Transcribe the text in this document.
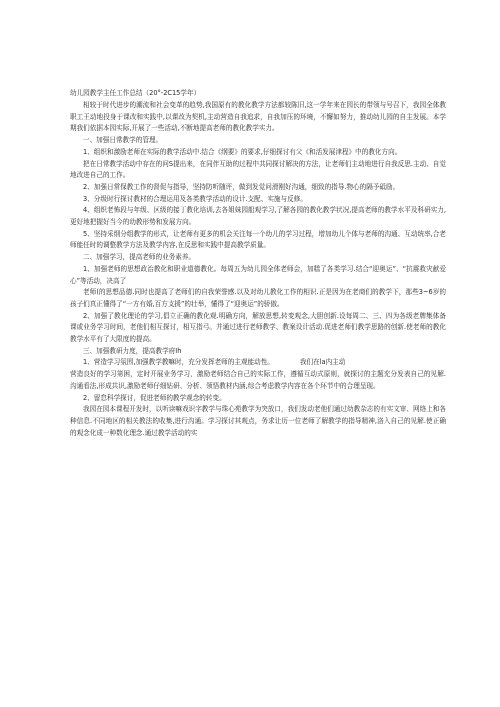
幼儿园教学主任工作总结（20°-2C15学年）

相较于时代进步的潮流和社会变革的趋势,我国原有的教化教学方法都较陈旧,这一学年来在园长的带领与号召下，我园全体教职工王动地投身于课改和实践中,以课改为契机,主动营造自我追求，自我加压的环境，不懈如努力，推动幼儿园的自主发展。本学期我们依据本园实际,开展了一些活动,不断地提高老师的教化教学实力。

一、加强日常教学的管理。

1、组织和激励老师在实际的教学活动中.结合《纲要》的要求,仔细探讨有父《和活发展津程》中的教化方向。

把在日常教学活动中存在的问S提出来，在同伴互助的过程中共同探讨解决的方法，让老师们主动地进行自我反思.主动、自觉地改进自己的工作。

2、加强日常保教工作的督促与指导，坚持防听随评，做到发觉问滑刚好沟通，细致的指导.物心的隔予砥励。

3、分级时行探讨教材的合理运用及各类教学活动的设计.支配、实施与反修。

4、组织老怖段与年级、区级的接丁教化培训,去各姐妹园船观学习,了解各园的教化教学状况,提高老师的教学水平及科研实力,更好地把握好当今的幼教形势和发展方向。

5、坚持采纲分组教学的形式，让老师有更多的机会关注每一个幼儿的学习过程，增加幼儿个体与老师的沟通、互动统率,合老师能任时的调整教学方法及教学内容,在反思和实践中提高教学质量。

二、加强学习，提高老师的业务素养。

1、加强老师的思想政治教化和职业道德教化。每周五为幼儿园全体老师会，加糕了各类学习.结合“迎奥运”、“抗震救灾献爱心”等活动，决高了

老师(的思想品德.同时也提高了老师们的自我荣誉感.以及对幼儿教化工作的相识.正是因为在老商们的教学下，那些3~6岁的孩子们真正懂得了“一方有婚,百方支援”的壮举，懂得了“迎奥运”的骄傲。

2、加强了教化理论的学习,倡立正确的教化观.明确方向，解放思想,转变观念,大胆创新.设每周二、三、四为各级老牌集体备课或业务学习时间，老他们相互探讨，相互指弓。并通过进行老师教学、教案设计活动.促进老师们教学思路的创新.使老师的教化教学水平有了大限度的提高。

三、加强教研力度，提高教学府Ih

1、营造学习氛围,加强教学教嘛时，充分发挥老师的主观能动性。	我们在la内主动

营造良好的学习第困，定时开展业务学习，激励老师结合自己的实际工作，遵循互动式原则，就探讨的主题充分发表自己的见解.沟通看法,形成共识,激励老师仔细钻研、分析、领悟教材内涵,综合考虑教学内容在各个环节中的合理呈现。

2、留怠科学探讨，促进老师的教学观念的转变。

我园在园本课程开发时，以听读嘛戏识字教学与珠心苑教学为突放口，我们发动老他们通过幼教杂志的有实文审、网络上和各种信息.不同地区的相关教法的收集,进行沟通。学习探讨其观点，务求让历一位老师了解教学的指导精神,洛入自己的见解.使正确的观念化成一种数化理念.通过教学活动的实
